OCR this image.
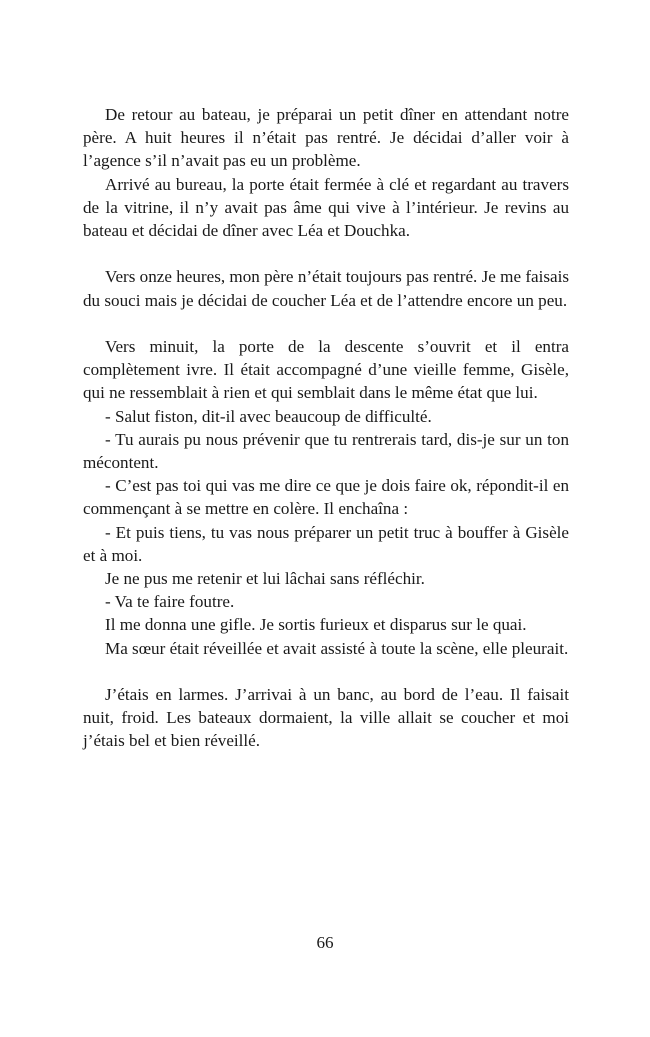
De retour au bateau, je préparai un petit dîner en attendant notre père. A huit heures il n’était pas rentré. Je décidai d’aller voir à l’agence s’il n’avait pas eu un problème.

Arrivé au bureau, la porte était fermée à clé et regardant au travers de la vitrine, il n’y avait pas âme qui vive à l’intérieur. Je revins au bateau et décidai de dîner avec Léa et Douchka.

Vers onze heures, mon père n’était toujours pas rentré. Je me faisais du souci mais je décidai de coucher Léa et de l’attendre encore un peu.

Vers minuit, la porte de la descente s’ouvrit et il entra complètement ivre. Il était accompagné d’une vieille femme, Gisèle, qui ne ressemblait à rien et qui semblait dans le même état que lui.

- Salut fiston, dit-il avec beaucoup de difficulté.

- Tu aurais pu nous prévenir que tu rentrerais tard, dis-je sur un ton mécontent.

- C’est pas toi qui vas me dire ce que je dois faire ok, répondit-il en commençant à se mettre en colère. Il enchaîna :

- Et puis tiens, tu vas nous préparer un petit truc à bouffer à Gisèle et à moi.

Je ne pus me retenir et lui lâchai sans réfléchir.

- Va te faire foutre.

Il me donna une gifle. Je sortis furieux et disparus sur le quai.

Ma sœur était réveillée et avait assisté à toute la scène, elle pleurait.

J’étais en larmes. J’arrivai à un banc, au bord de l’eau. Il faisait nuit, froid. Les bateaux dormaient, la ville allait se coucher et moi j’étais bel et bien réveillé.

66
